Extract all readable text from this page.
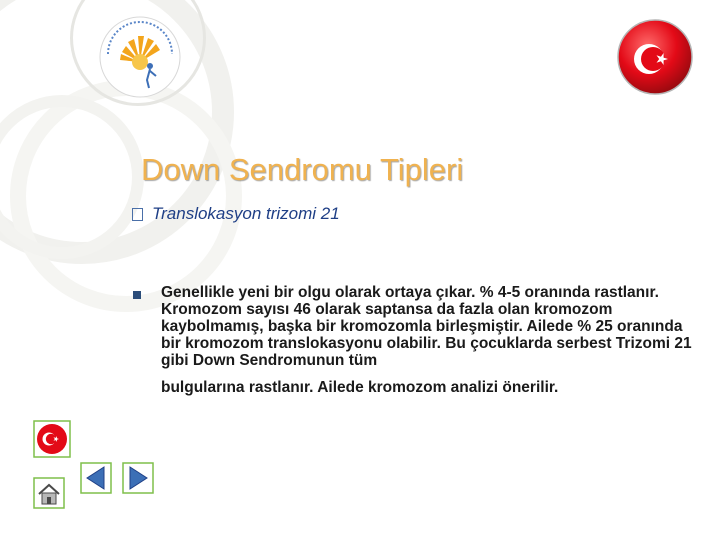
Down Sendromu Tipleri
Translokasyon trizomi 21

Genellikle yeni bir olgu olarak ortaya çıkar. % 4-5 oranında rastlanır. Kromozom sayısı 46 olarak saptansa da fazla olan kromozom kaybolmamış, başka bir kromozomla birleşmiştir. Ailede % 25 oranında bir kromozom translokasyonu olabilir. Bu çocuklarda serbest Trizomi 21 gibi Down Sendromunun tüm
bulgularına rastlanır. Ailede kromozom analizi önerilir.
